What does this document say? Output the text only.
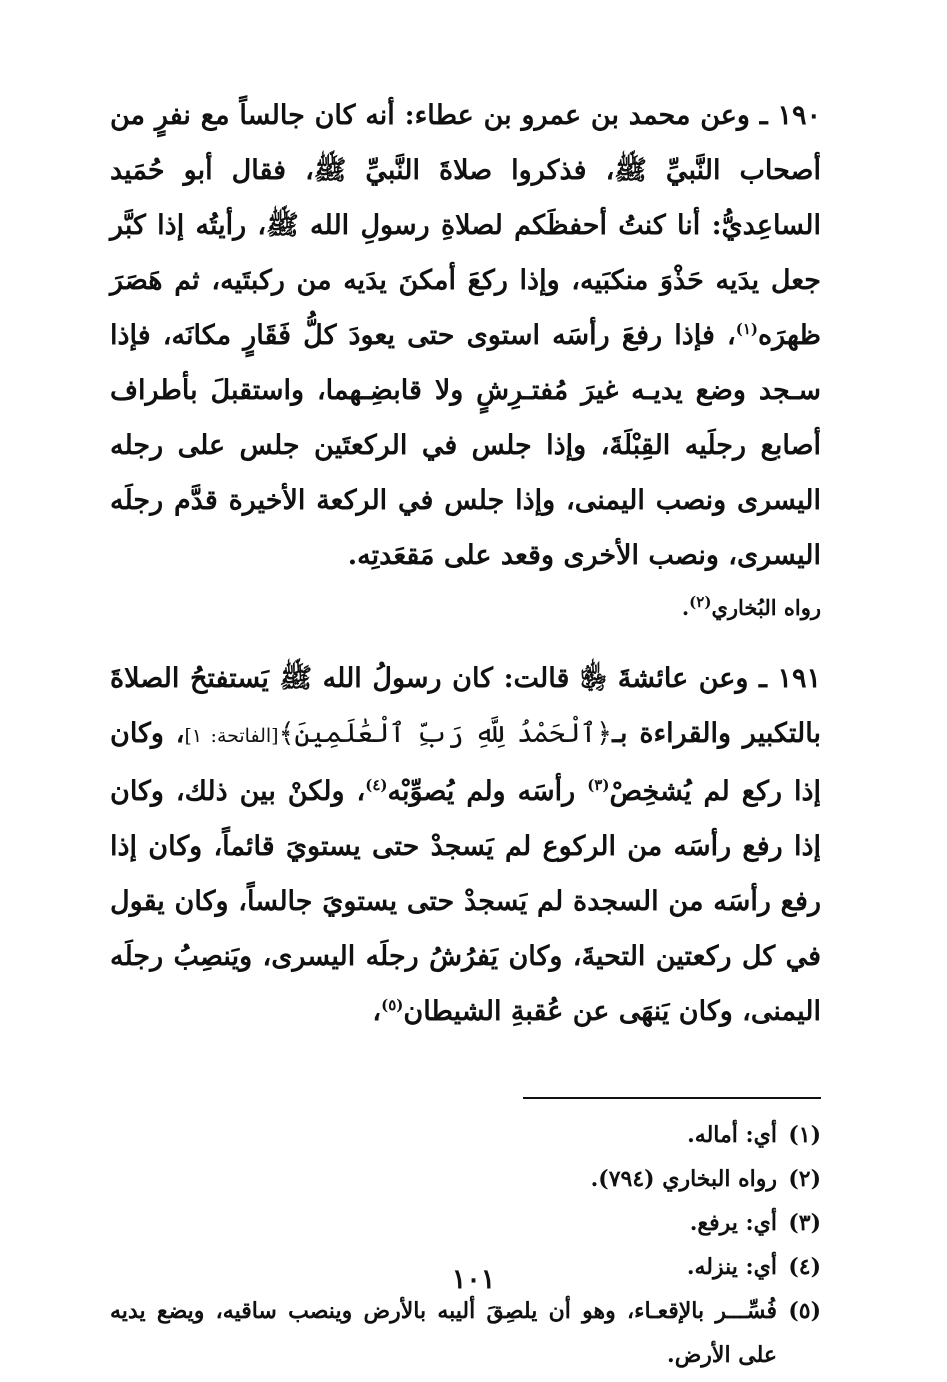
١٩٠ ـ وعن محمد بن عمرو بن عطاء: أنه كان جالساً مع نفرٍ من أصحاب النَّبيِّ ﷺ، فذكروا صلاةَ النَّبيِّ ﷺ، فقال أبو حُمَيد الساعِديُّ: أنا كنتُ أحفظَكم لصلاةِ رسولِ الله ﷺ، رأيتُه إذا كبَّر جعل يدَيه حَذْوَ منكبَيه، وإذا ركعَ أمكنَ يدَيه من ركبتَيه، ثم هَصَرَ ظهرَه$^{(١)}$، فإذا رفعَ رأسَه استوى حتى يعودَ كلُّ فَقَارٍ مكانَه، فإذا سـجد وضع يديـه غيرَ مُفتـرِشٍ ولا قابضِـهما، واستقبلَ بأطراف أصابع رجلَيه القِبْلَةَ، وإذا جلس في الركعتَين جلس على رجله اليسرى ونصب اليمنى، وإذا جلس في الركعة الأخيرة قدَّم رجلَه اليسرى، ونصب الأخرى وقعد على مَقعَدتِه.

رواه البُخاري$^{(٢)}$.

١٩١ ـ وعن عائشةَ ﵂ قالت: كان رسولُ الله ﷺ يَستفتحُ الصلاةَ بالتكبير والقراءة بـ﴿ٱلْحَمْدُ لِلَّهِ رَبِّ ٱلْعَٰلَمِينَ﴾[الفاتحة: ١]، وكان إذا ركع لم يُشخِصْ$^{(٣)}$ رأسَه ولم يُصوِّبْه$^{(٤)}$، ولكنْ بين ذلك، وكان إذا رفع رأسَه من الركوع لم يَسجدْ حتى يستويَ قائماً، وكان إذا رفع رأسَه من السجدة لم يَسجدْ حتى يستويَ جالساً، وكان يقول في كل ركعتين التحيةَ، وكان يَفرُشُ رجلَه اليسرى، ويَنصِبُ رجلَه اليمنى، وكان يَنهَى عن عُقبةِ الشيطان$^{(٥)}$،

(١)
أي: أماله.
(٢)
رواه البخاري (٧٩٤).
(٣)
أي: يرفع.
(٤)
أي: ينزله.
(٥)
فُسِّـــر بالإقعـاء، وهو أن يلصِقَ أليبه بالأرض وينصب ساقيه، ويضع يديه على الأرض.
١٠١
